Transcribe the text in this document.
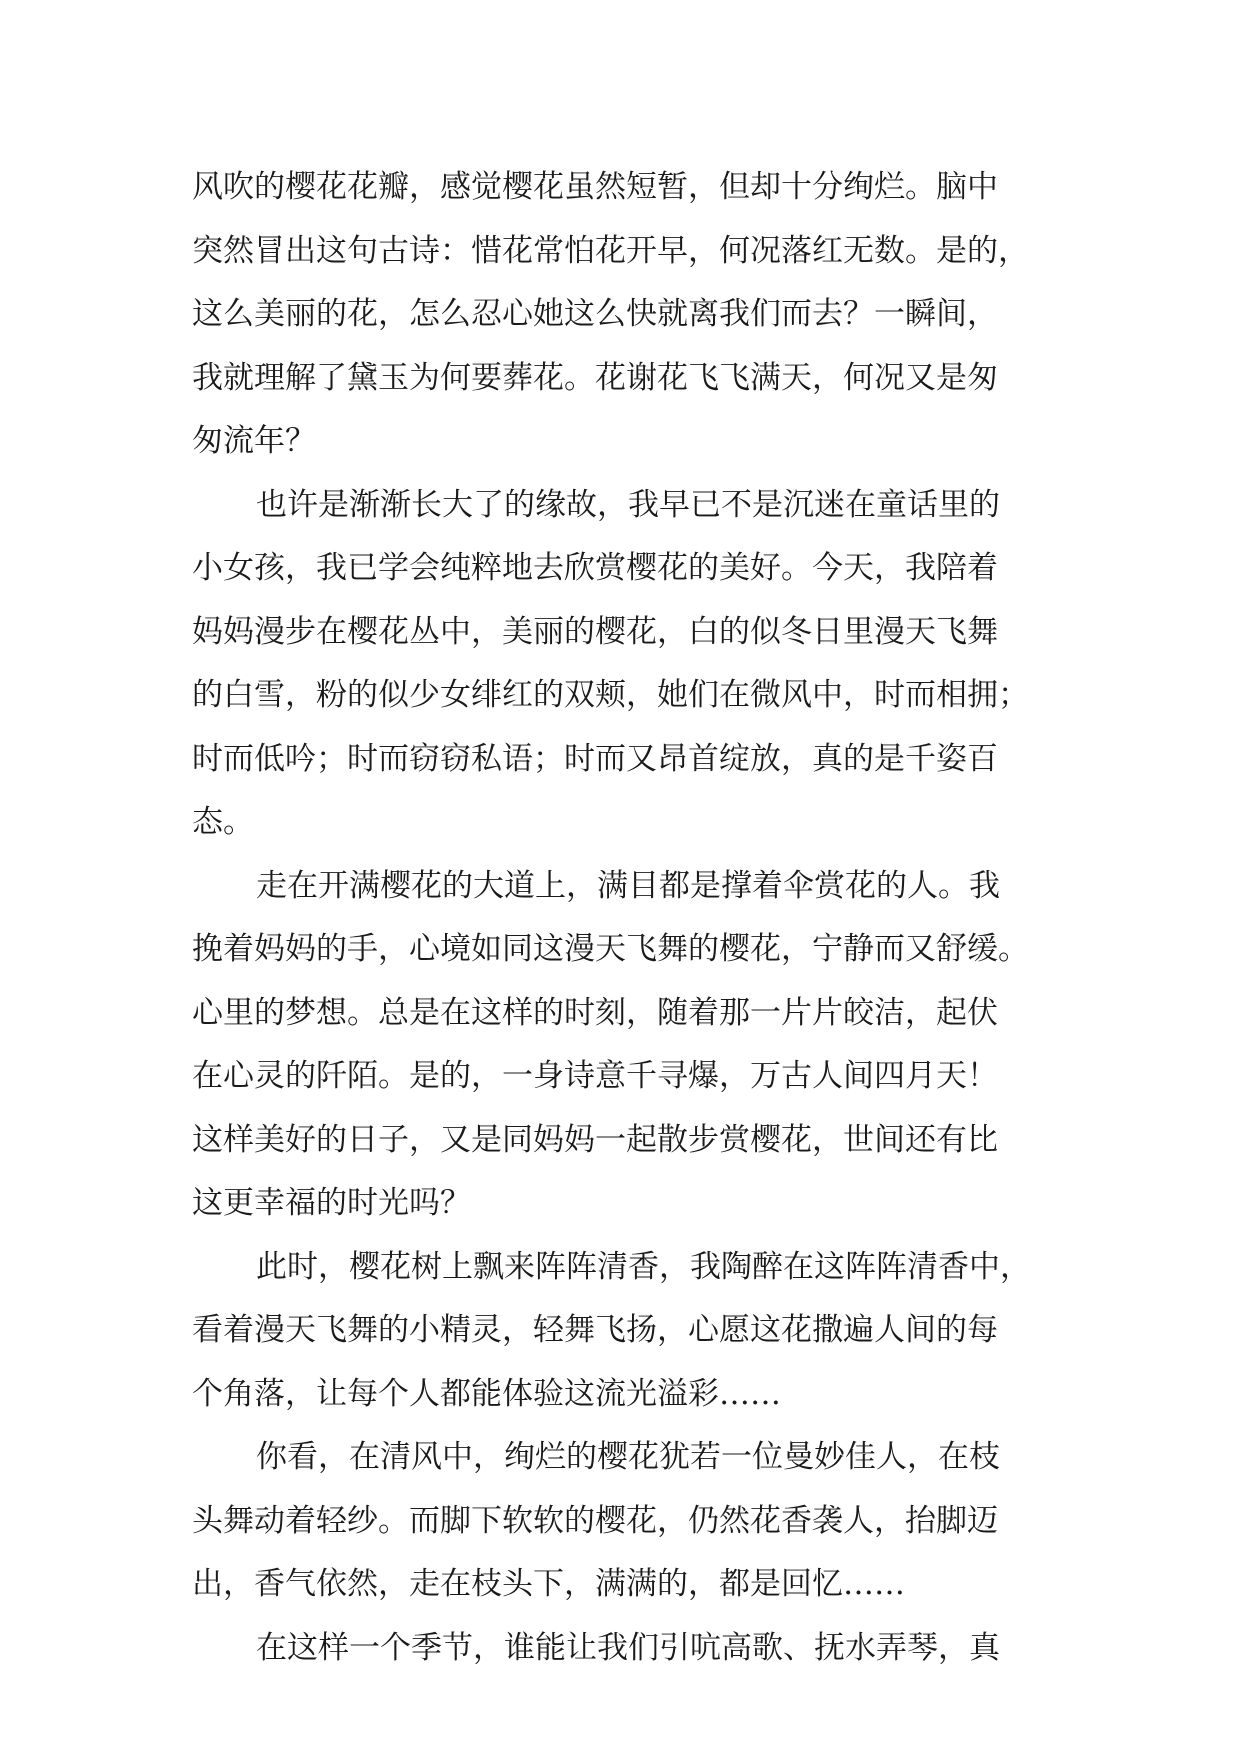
风吹的樱花花瓣，感觉樱花虽然短暂，但却十分绚烂。脑中
突然冒出这句古诗：惜花常怕花开早，何况落红无数。是的，
这么美丽的花，怎么忍心她这么快就离我们而去？一瞬间，
我就理解了黛玉为何要葬花。花谢花飞飞满天，何况又是匆
匆流年？
也许是渐渐长大了的缘故，我早已不是沉迷在童话里的
小女孩，我已学会纯粹地去欣赏樱花的美好。今天，我陪着
妈妈漫步在樱花丛中，美丽的樱花，白的似冬日里漫天飞舞
的白雪，粉的似少女绯红的双颊，她们在微风中，时而相拥；
时而低吟；时而窃窃私语；时而又昂首绽放，真的是千姿百
态。
走在开满樱花的大道上，满目都是撑着伞赏花的人。我
挽着妈妈的手，心境如同这漫天飞舞的樱花，宁静而又舒缓。
心里的梦想。总是在这样的时刻，随着那一片片皎洁，起伏
在心灵的阡陌。是的，一身诗意千寻爆，万古人间四月天！
这样美好的日子，又是同妈妈一起散步赏樱花，世间还有比
这更幸福的时光吗？
此时，樱花树上飘来阵阵清香，我陶醉在这阵阵清香中，
看着漫天飞舞的小精灵，轻舞飞扬，心愿这花撒遍人间的每
个角落，让每个人都能体验这流光溢彩……
你看，在清风中，绚烂的樱花犹若一位曼妙佳人，在枝
头舞动着轻纱。而脚下软软的樱花，仍然花香袭人，抬脚迈
出，香气依然，走在枝头下，满满的，都是回忆……
在这样一个季节，谁能让我们引吭高歌、抚水弄琴，真
